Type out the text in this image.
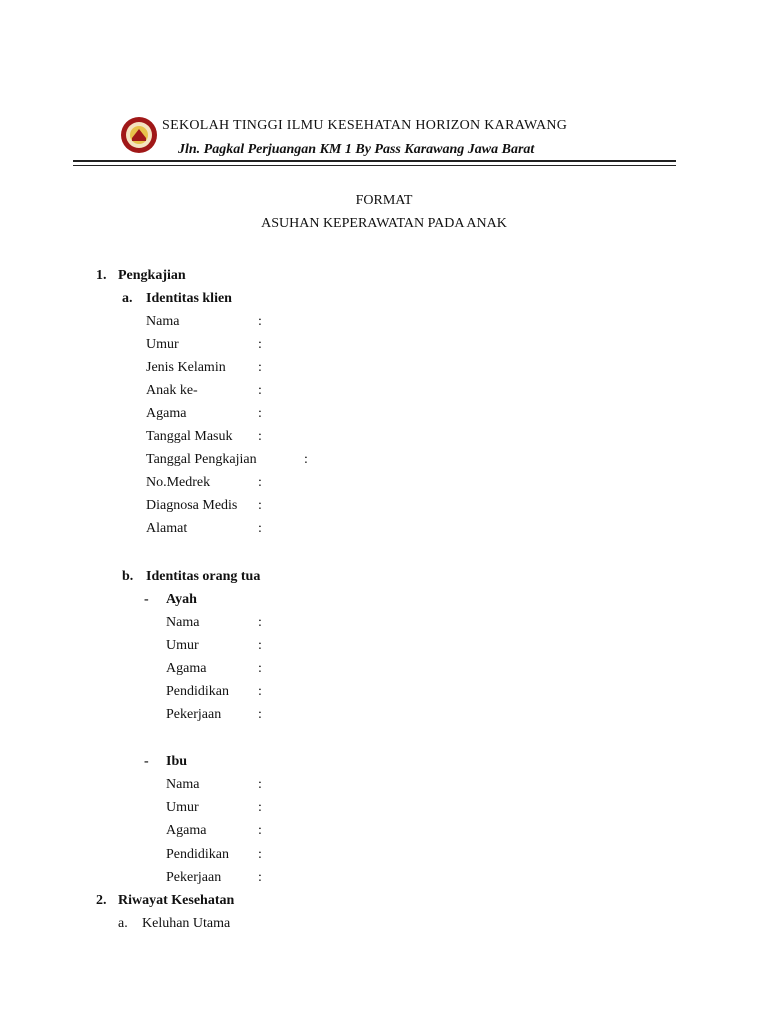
SEKOLAH TINGGI ILMU KESEHATAN HORIZON KARAWANG
Jln. Pagkal Perjuangan KM 1 By Pass Karawang Jawa Barat
FORMAT
ASUHAN KEPERAWATAN PADA ANAK
1. Pengkajian
a. Identitas klien
Nama	:
Umur	:
Jenis Kelamin :
Anak ke-	:
Agama	:
Tanggal Masuk :
Tanggal Pengkajian	:
No.Medrek	:
Diagnosa Medis :
Alamat	:
b. Identitas orang tua
- Ayah
Nama	:
Umur	:
Agama	:
Pendidikan :
Pekerjaan	:
- Ibu
Nama	:
Umur	:
Agama	:
Pendidikan :
Pekerjaan	:
2. Riwayat Kesehatan
a. Keluhan Utama
